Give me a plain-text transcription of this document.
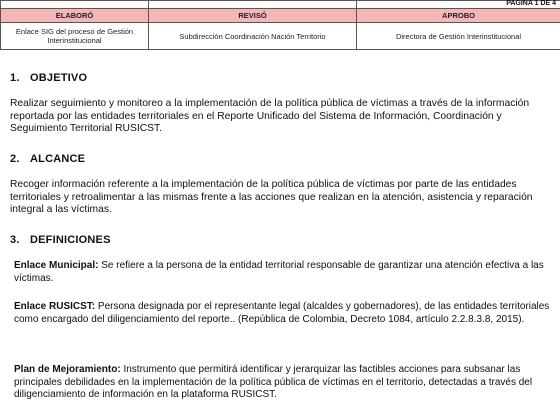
		PAGINA 1 DE 4

ELABORÓ	REVISÓ	APROBO
Enlace SIG del proceso de Gestión Interinstitucional	Subdirección Coordinación Nación Territorio	Directora de Gestión Interinstitucional
1. OBJETIVO

Realizar seguimiento y monitoreo a la implementación de la política pública de víctimas a través de la información reportada por las entidades territoriales en el Reporte Unificado del Sistema de Información, Coordinación y Seguimiento Territorial RUSICST.

2. ALCANCE

Recoger información referente a la implementación de la política pública de víctimas por parte de las entidades territoriales y retroalimentar a las mismas frente a las acciones que realizan en la atención, asistencia y reparación integral a las víctimas.

3. DEFINICIONES

Enlace Municipal: Se refiere a la persona de la entidad territorial responsable de garantizar una atención efectiva a las víctimas.

Enlace RUSICST: Persona designada por el representante legal (alcaldes y gobernadores), de las entidades territoriales como encargado del diligenciamiento del reporte.. (República de Colombia, Decreto 1084, artículo 2.2.8.3.8, 2015).

Plan de Mejoramiento: Instrumento que permitirá identificar y jerarquizar las factibles acciones para subsanar las principales debilidades en la implementación de la política pública de víctimas en el territorio, detectadas a través del diligenciamiento de información en la plataforma RUSICST.
